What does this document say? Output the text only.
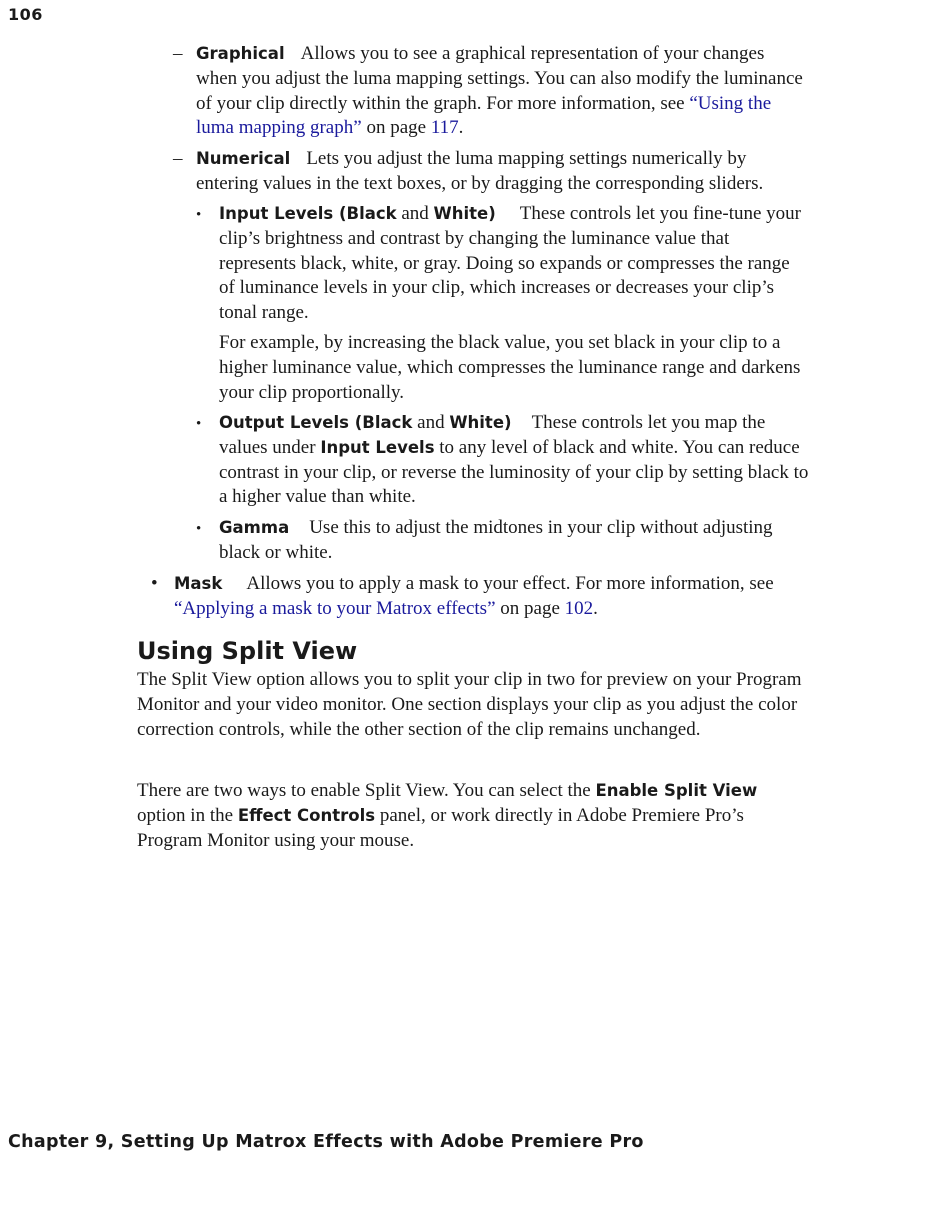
106
– Graphical Allows you to see a graphical representation of your changes when you adjust the luma mapping settings. You can also modify the luminance of your clip directly within the graph. For more information, see “Using the luma mapping graph” on page 117.

– Numerical Lets you adjust the luma mapping settings numerically by entering values in the text boxes, or by dragging the corresponding sliders.

• Input Levels (Black and White) These controls let you fine-tune your clip’s brightness and contrast by changing the luminance value that represents black, white, or gray. Doing so expands or compresses the range of luminance levels in your clip, which increases or decreases your clip’s tonal range.

For example, by increasing the black value, you set black in your clip to a higher luminance value, which compresses the luminance range and darkens your clip proportionally.

• Output Levels (Black and White) These controls let you map the values under Input Levels to any level of black and white. You can reduce contrast in your clip, or reverse the luminosity of your clip by setting black to a higher value than white.

• Gamma Use this to adjust the midtones in your clip without adjusting black or white.

• Mask Allows you to apply a mask to your effect. For more information, see “Applying a mask to your Matrox effects” on page 102.

Using Split View

The Split View option allows you to split your clip in two for preview on your Program Monitor and your video monitor. One section displays your clip as you adjust the color correction controls, while the other section of the clip remains unchanged.

There are two ways to enable Split View. You can select the Enable Split View option in the Effect Controls panel, or work directly in Adobe Premiere Pro’s Program Monitor using your mouse.

Chapter 9, Setting Up Matrox Effects with Adobe Premiere Pro
